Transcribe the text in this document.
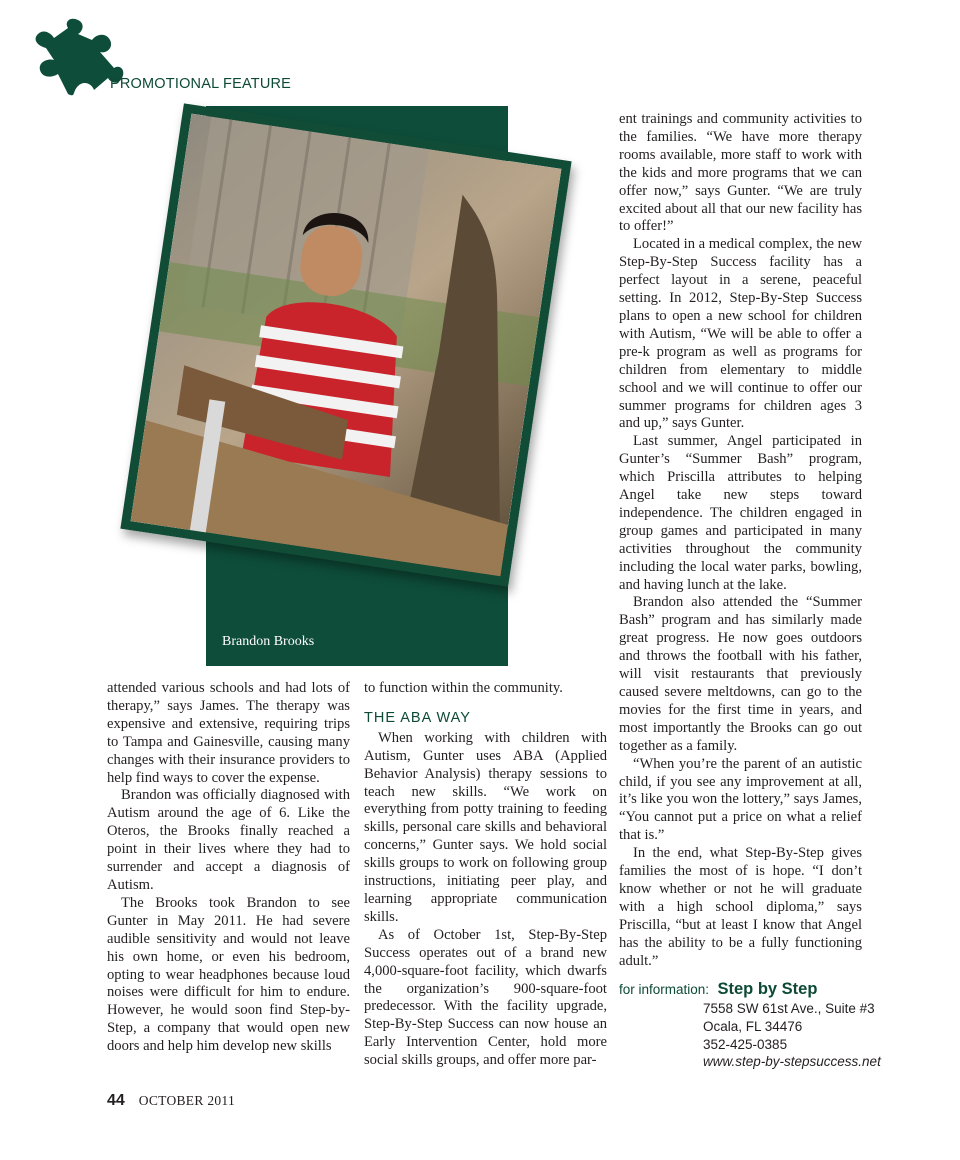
PROMOTIONAL FEATURE
Brandon Brooks

attended various schools and had lots of therapy,” says James. The therapy was expensive and extensive, requiring trips to Tampa and Gainesville, causing many changes with their insurance providers to help find ways to cover the expense.

Brandon was officially diagnosed with Autism around the age of 6. Like the Oteros, the Brooks finally reached a point in their lives where they had to surrender and accept a diagnosis of Autism.

The Brooks took Brandon to see Gunter in May 2011. He had severe audible sensitivity and would not leave his own home, or even his bedroom, opting to wear headphones because loud noises were difficult for him to endure. However, he would soon find Step-by-Step, a company that would open new doors and help him develop new skills

to function within the community.

THE ABA WAY

When working with children with Autism, Gunter uses ABA (Applied Behavior Analysis) therapy sessions to teach new skills. “We work on everything from potty training to feeding skills, personal care skills and behavioral concerns,” Gunter says. We hold social skills groups to work on following group instructions, initiating peer play, and learning appropriate communication skills.

As of October 1st, Step-By-Step Success operates out of a brand new 4,000-square-foot facility, which dwarfs the organization’s 900-square-foot predecessor. With the facility upgrade, Step-By-Step Success can now house an Early Intervention Center, hold more social skills groups, and offer more par-

ent trainings and community activities to the families. “We have more therapy rooms available, more staff to work with the kids and more programs that we can offer now,” says Gunter. “We are truly excited about all that our new facility has to offer!”

Located in a medical complex, the new Step-By-Step Success facility has a perfect layout in a serene, peaceful setting. In 2012, Step-By-Step Success plans to open a new school for children with Autism, “We will be able to offer a pre-k program as well as programs for children from elementary to middle school and we will continue to offer our summer programs for children ages 3 and up,” says Gunter.

Last summer, Angel participated in Gunter’s “Summer Bash” program, which Priscilla attributes to helping Angel take new steps toward independence. The children engaged in group games and participated in many activities throughout the community including the local water parks, bowling, and having lunch at the lake.

Brandon also attended the “Summer Bash” program and has similarly made great progress. He now goes outdoors and throws the football with his father, will visit restaurants that previously caused severe meltdowns, can go to the movies for the first time in years, and most importantly the Brooks can go out together as a family.

“When you’re the parent of an autistic child, if you see any improvement at all, it’s like you won the lottery,” says James, “You cannot put a price on what a relief that is.”

In the end, what Step-By-Step gives families the most of is hope. “I don’t know whether or not he will graduate with a high school diploma,” says Priscilla, “but at least I know that Angel has the ability to be a fully functioning adult.”

for information: Step by Step
7558 SW 61st Ave., Suite #3
Ocala, FL 34476
352-425-0385
www.step-by-stepsuccess.net
44 OCTOBER 2011
